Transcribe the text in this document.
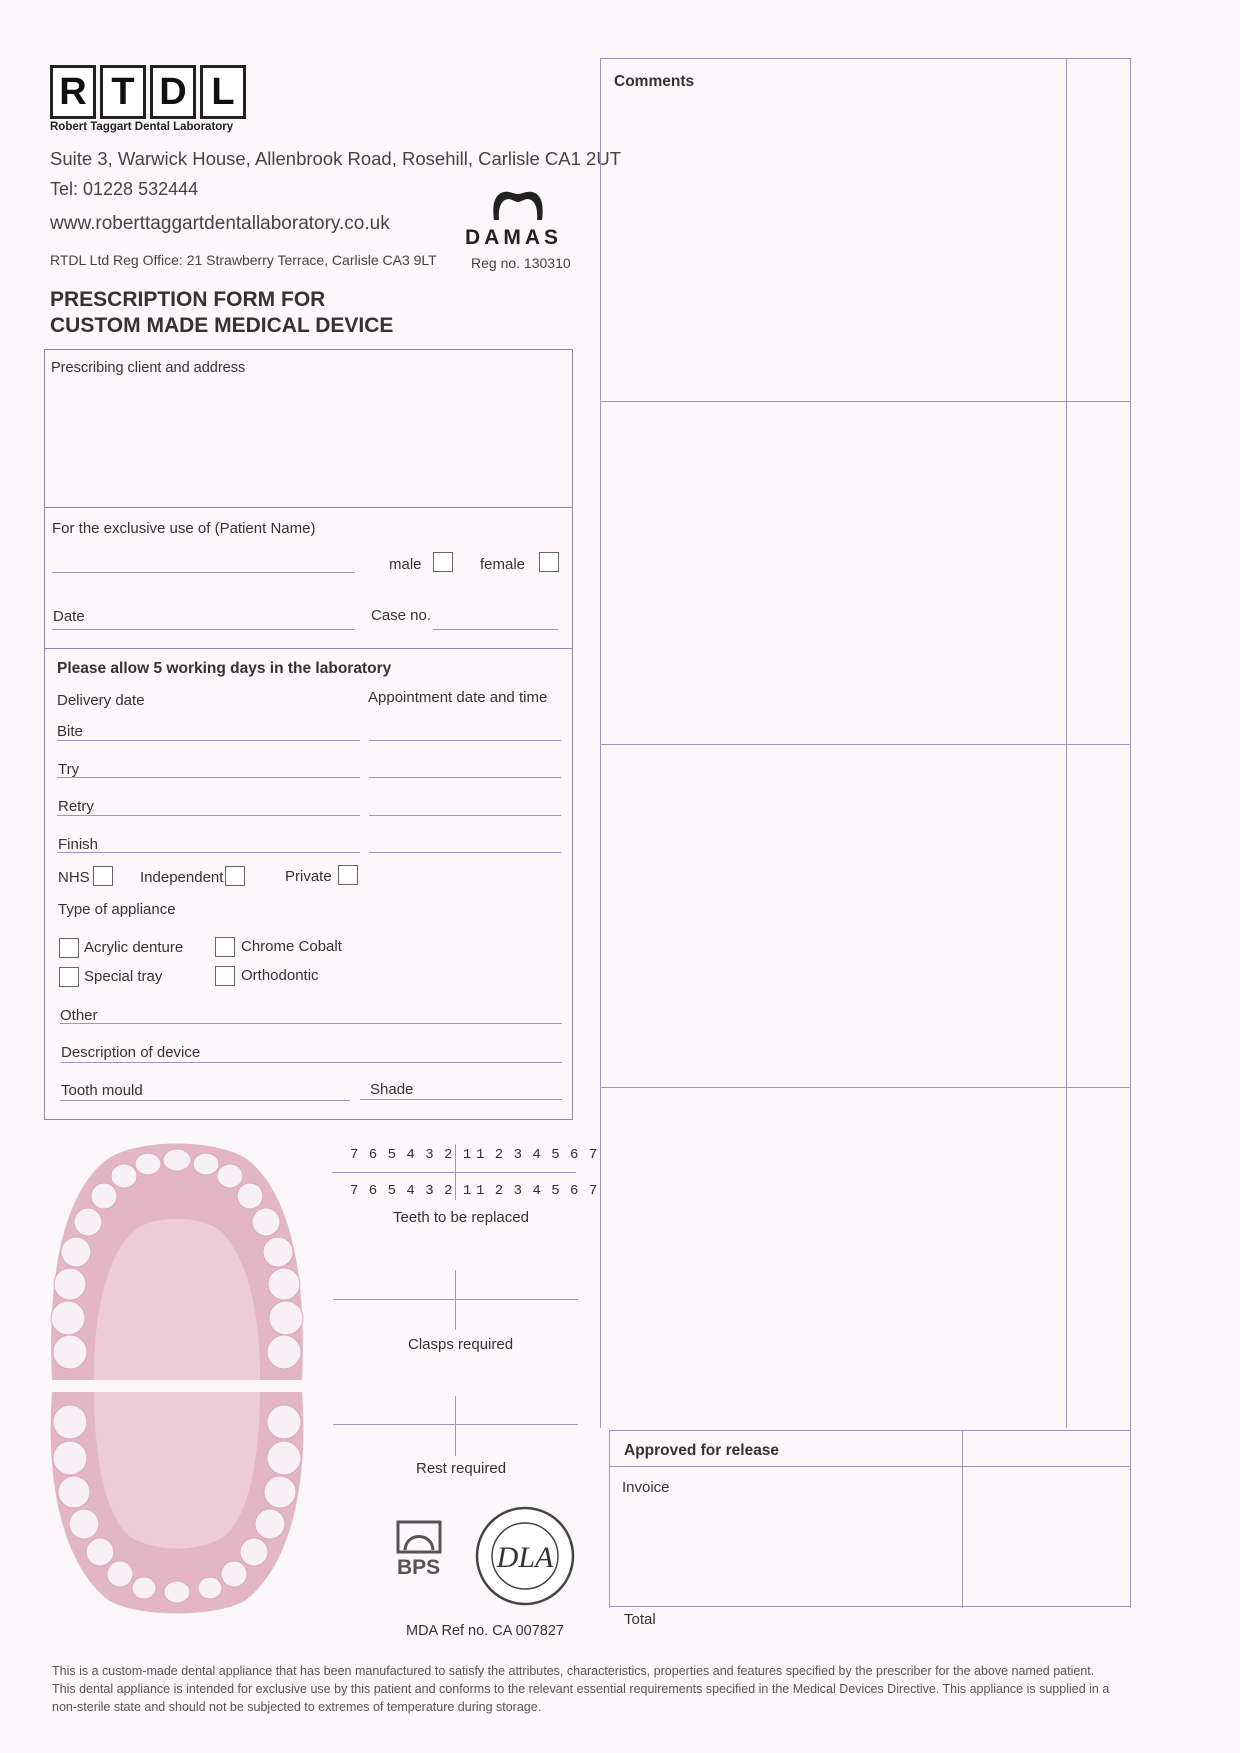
R T D L
Robert Taggart Dental Laboratory
Suite 3, Warwick House, Allenbrook Road, Rosehill, Carlisle CA1 2UT
Tel: 01228 532444
www.roberttaggartdentallaboratory.co.uk
RTDL Ltd Reg Office: 21 Strawberry Terrace, Carlisle CA3 9LT
DAMAS
Reg no. 130310
PRESCRIPTION FORM FOR
CUSTOM MADE MEDICAL DEVICE
Prescribing client and address
For the exclusive use of (Patient Name)
male	female
Date	Case no.
Please allow 5 working days in the laboratory
Delivery date	Appointment date and time
Bite
Try
Retry
Finish
NHS	Independent	Private
Type of appliance
Acrylic denture	Chrome Cobalt
Special tray	Orthodontic
Other
Description of device
Tooth mould	Shade
7 6 5 4 3 2 1 1 2 3 4 5 6 7
7 6 5 4 3 2 1 1 2 3 4 5 6 7
Teeth to be replaced
Clasps required
Rest required
BPS DLA
MDA Ref no. CA 007827
Comments
Approved for release
Invoice
Total
This is a custom-made dental appliance that has been manufactured to satisfy the attributes, characteristics, properties and features specified by the prescriber for the above named patient.
This dental appliance is intended for exclusive use by this patient and conforms to the relevant essential requirements specified in the Medical Devices Directive. This appliance is supplied in a
non-sterile state and should not be subjected to extremes of temperature during storage.
